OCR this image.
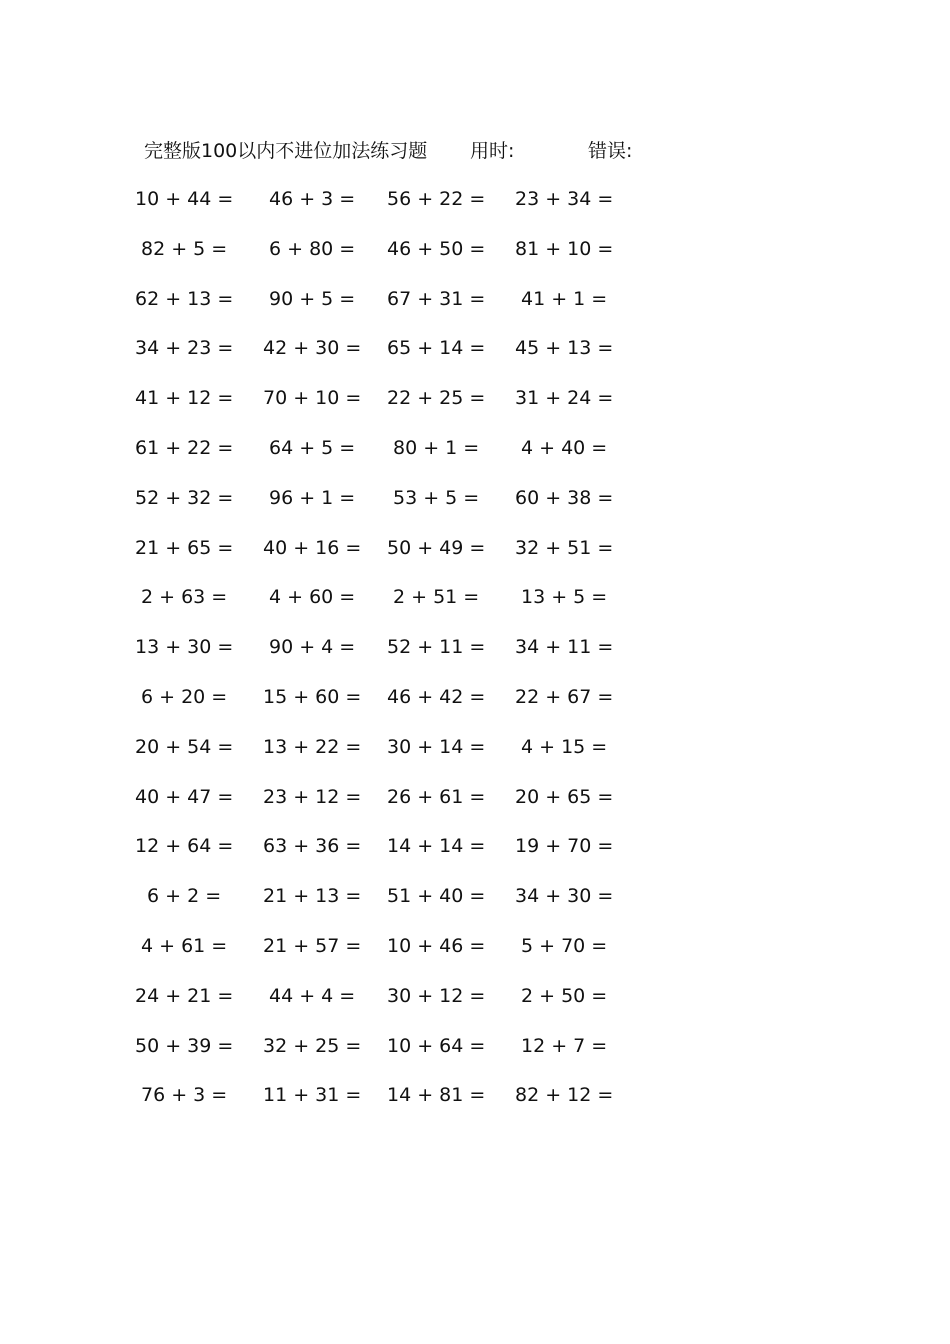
完整版100以内不进位加法练习题 用时:	错误:
10 + 44 = 46 + 3 = 56 + 22 = 23 + 34 =
82 + 5 = 6 + 80 = 46 + 50 = 81 + 10 =
62 + 13 = 90 + 5 = 67 + 31 = 41 + 1 =
34 + 23 = 42 + 30 = 65 + 14 = 45 + 13 =
41 + 12 = 70 + 10 = 22 + 25 = 31 + 24 =
61 + 22 = 64 + 5 = 80 + 1 = 4 + 40 =
52 + 32 = 96 + 1 = 53 + 5 = 60 + 38 =
21 + 65 = 40 + 16 = 50 + 49 = 32 + 51 =
2 + 63 = 4 + 60 = 2 + 51 = 13 + 5 =
13 + 30 = 90 + 4 = 52 + 11 = 34 + 11 =
6 + 20 = 15 + 60 = 46 + 42 = 22 + 67 =
20 + 54 = 13 + 22 = 30 + 14 = 4 + 15 =
40 + 47 = 23 + 12 = 26 + 61 = 20 + 65 =
12 + 64 = 63 + 36 = 14 + 14 = 19 + 70 =
6 + 2 = 21 + 13 = 51 + 40 = 34 + 30 =
4 + 61 = 21 + 57 = 10 + 46 = 5 + 70 =
24 + 21 = 44 + 4 = 30 + 12 = 2 + 50 =
50 + 39 = 32 + 25 = 10 + 64 = 12 + 7 =
76 + 3 = 11 + 31 = 14 + 81 = 82 + 12 =
